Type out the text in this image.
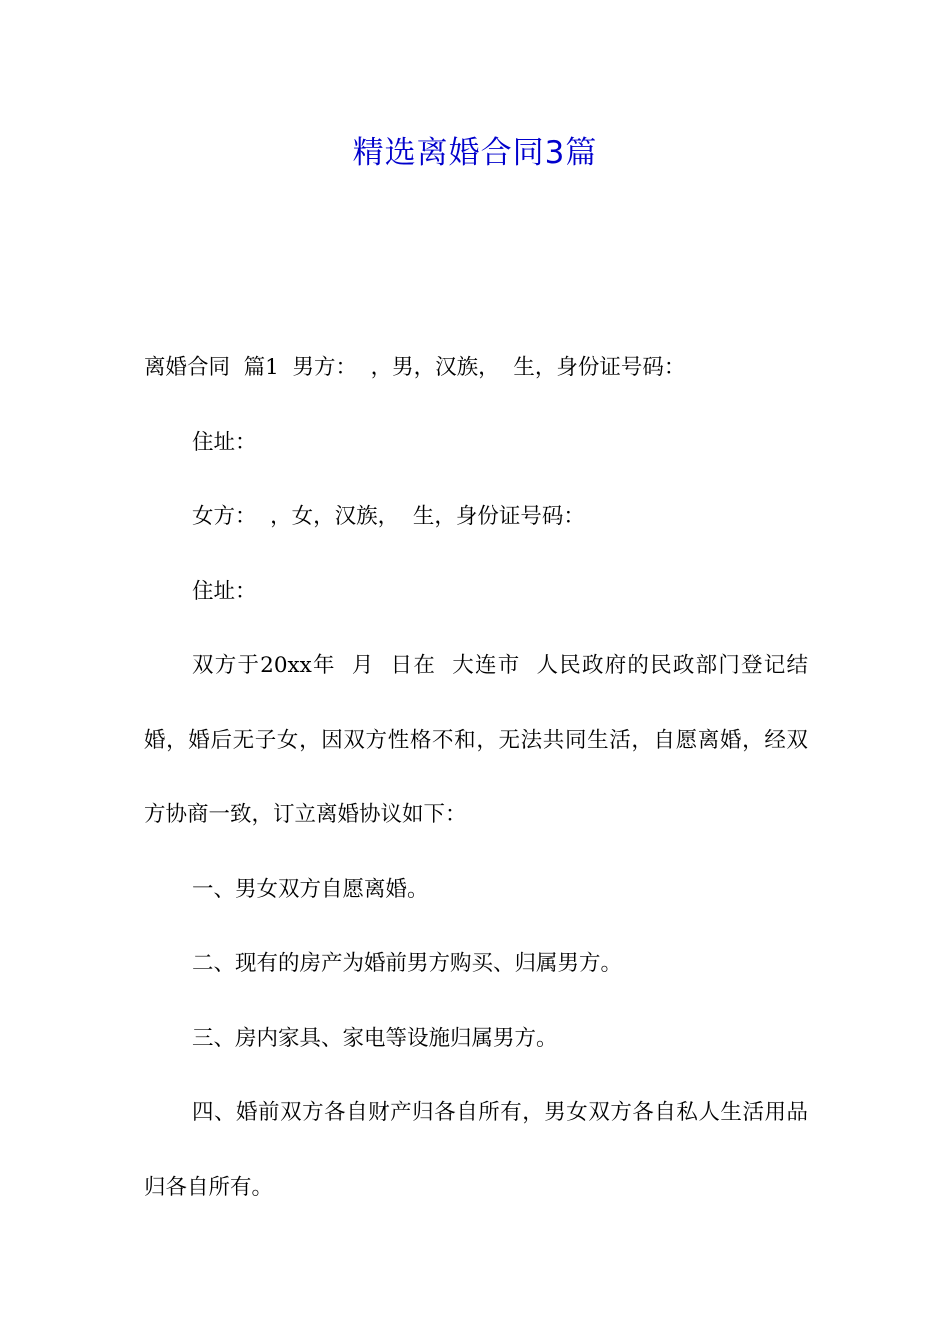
精选离婚合同3篇

离婚合同  篇1  男方：  ，男，汉族，  生，身份证号码：

住址：

女方：  ，女，汉族，  生，身份证号码：

住址：

双方于20xx年  月  日在  大连市  人民政府的民政部门登记结婚，婚后无子女，因双方性格不和，无法共同生活，自愿离婚，经双方协商一致，订立离婚协议如下：

一、男女双方自愿离婚。

二、现有的房产为婚前男方购买、归属男方。

三、房内家具、家电等设施归属男方。

四、婚前双方各自财产归各自所有，男女双方各自私人生活用品归各自所有。
